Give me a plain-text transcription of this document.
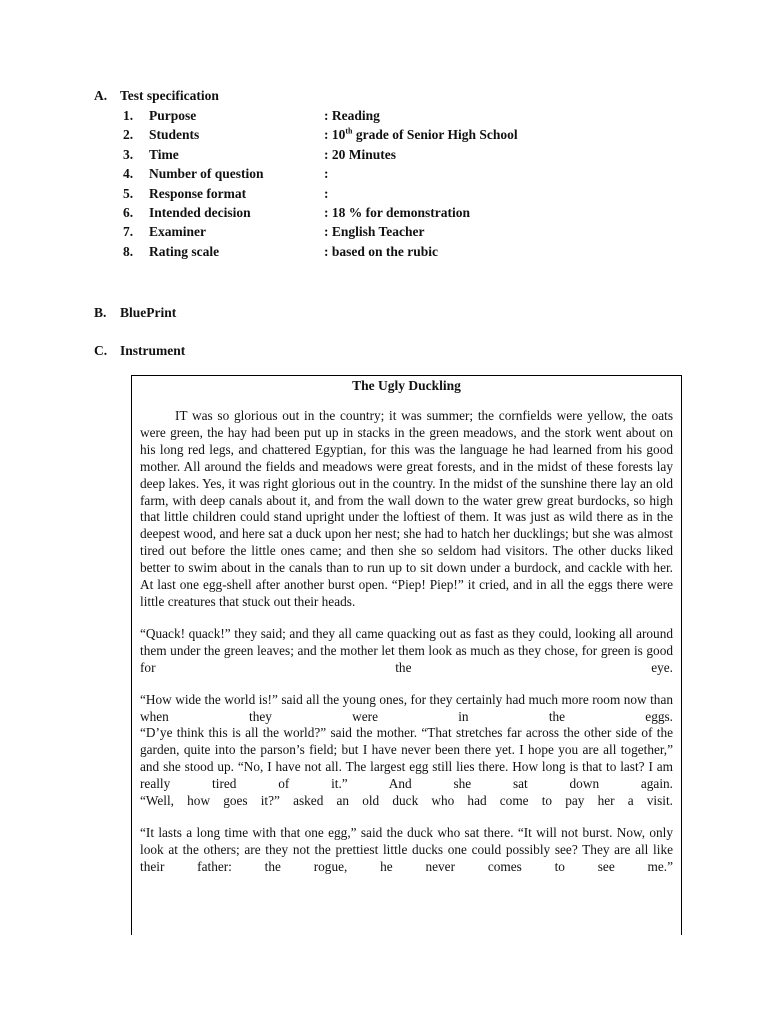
A. Test specification
1. Purpose	: Reading
2. Students	: 10th grade of Senior High School
3. Time	: 20 Minutes
4. Number of question	:
5. Response format	:
6. Intended decision	: 18 % for demonstration
7. Examiner	: English Teacher
8. Rating scale	: based on the rubic
B. BluePrint
C. Instrument
The Ugly Duckling

IT was so glorious out in the country; it was summer; the cornfields were yellow, the oats were green, the hay had been put up in stacks in the green meadows, and the stork went about on his long red legs, and chattered Egyptian, for this was the language he had learned from his good mother. All around the fields and meadows were great forests, and in the midst of these forests lay deep lakes. Yes, it was right glorious out in the country. In the midst of the sunshine there lay an old farm, with deep canals about it, and from the wall down to the water grew great burdocks, so high that little children could stand upright under the loftiest of them. It was just as wild there as in the deepest wood, and here sat a duck upon her nest; she had to hatch her ducklings; but she was almost tired out before the little ones came; and then she so seldom had visitors. The other ducks liked better to swim about in the canals than to run up to sit down under a burdock, and cackle with her.

At last one egg-shell after another burst open. “Piep! Piep!” it cried, and in all the eggs there were little creatures that stuck out their heads.

“Quack! quack!” they said; and they all came quacking out as fast as they could, looking all around them under the green leaves; and the mother let them look as much as they chose, for green is good for the eye.

“How wide the world is!” said all the young ones, for they certainly had much more room now than when they were in the eggs.

“D’ye think this is all the world?” said the mother. “That stretches far across the other side of the garden, quite into the parson’s field; but I have never been there yet. I hope you are all together,” and she stood up. “No, I have not all. The largest egg still lies there. How long is that to last? I am really tired of it.” And she sat down again.

“Well, how goes it?” asked an old duck who had come to pay her a visit.

“It lasts a long time with that one egg,” said the duck who sat there. “It will not burst. Now, only look at the others; are they not the prettiest little ducks one could possibly see? They are all like their father: the rogue, he never comes to see me.”
